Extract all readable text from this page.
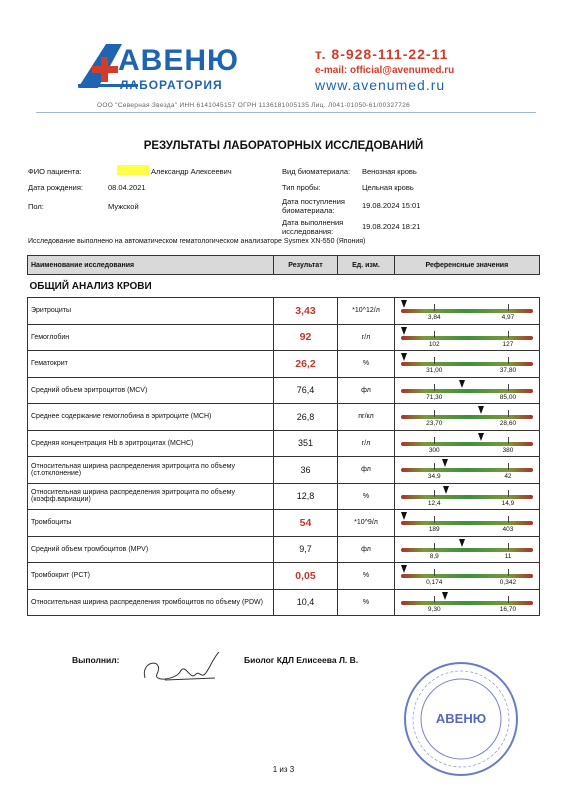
АВЕНЮ
ЛАБОРАТОРИЯ
т. 8-928-111-22-11
e-mail: official@avenumed.ru
www.avenumed.ru
ООО "Северная Звезда" ИНН 6141045157 ОГРН 1136181005135 Лиц. Л041-01050-61/00327726
РЕЗУЛЬТАТЫ ЛАБОРАТОРНЫХ ИССЛЕДОВАНИЙ
ФИО пациента:	Александр Алексеевич
Дата рождения:	08.04.2021
Пол:	Мужской
Вид биоматериала: Венозная кровь
Тип пробы:	Цельная кровь
Дата поступления биоматериала:
19.08.2024 15:01
Дата выполнения исследования:
19.08.2024 18:21
Исследование выполнено на автоматическом гематологическом анализаторе Sysmex XN-550 (Япония)
Наименование исследования	Результат	Ед. изм.	Референсные значения
ОБЩИЙ АНАЛИЗ КРОВИ			
Эритроциты	3,43	*10^12/л	3,84 4,97

Гемоглобин	92	г/л	102 127

Гематокрит	26,2	%	31,00 37,80

Средний объем эритроцитов (MCV)	76,4	фл	71,30 85,00

Среднее содержание гемоглобина в эритроците (MCH)	26,8	пг/кл	23,70 28,60

Средняя концентрация Hb в эритроцитах (MCHC)	351	г/л	300 380

Относительная ширина распределения эритроцита по объему (ст.отклонение)	36	фл	34,9 42

Относительная ширина распределения эритроцита по объему (коэфф.вариации)	12,8	%	12,4 14,9

Тромбоциты	54	*10^9/л	189 403

Средний объем тромбоцитов (MPV)	9,7	фл	8,9 11

Тромбокрит (PCT)	0,05	%	0,174 0,342

Относительная ширина распределения тромбоцитов по объему (PDW)	10,4	%	9,30 16,70
Выполнил:	Биолог КДЛ Елисеева Л. В.
АВЕНЮ
1 из 3
